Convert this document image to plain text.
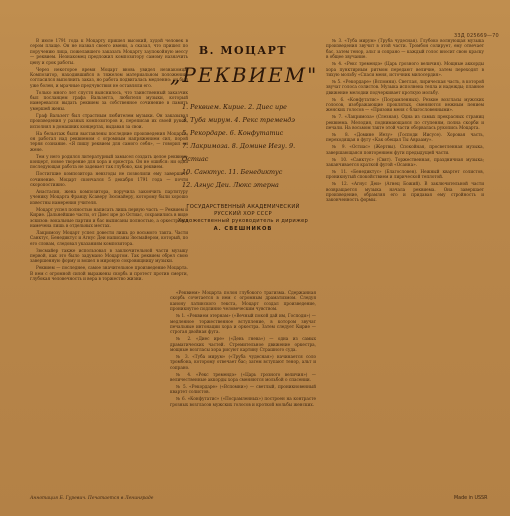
33Д 025669—70

В июле 1791 года к Моцарту пришел высокий, худой человек в сером плаще. Он не назвал своего имени, а сказал, что пришел по поручению лица, пожелавшего заказать Моцарту заупокойную мессу — реквием. Незнакомец предложил композитору самому назначить цену и срок работы.

Через некоторое время Моцарт вновь увидел незнакомца. Композитор, находившийся в тяжелом материальном положении, согласился выполнить заказ, но работа подвигалась медленно: он был уже болен, и мрачные предчувствия не оставляли его.

Только много лет спустя выяснилось, что таинственный заказчик был посланцем графа Вальзегга, любителя музыки, который намеревался выдать реквием за собственное сочинение в память умершей жены.

Граф Вальзегг был страстным любителем музыки. Он заказывал произведения у разных композиторов и, переписав их своей рукой, исполнял в домашних концертах, выдавая за свои.

На бельэтаж были выставлены последние произведения Моцарта; он работал над реквиемом с огромным напряжением сил, порой теряя сознание. «Я пишу реквием для самого себя», — говорил он жене.

Тем у него родился литературный замысел создать целое реквием-концерт, новое творение для хора и оркестра. Он не ошибся: ни одна последующая работа не задевает так глубоко, как реквием.

Постигшие композитора невзгоды не позволили ему завершить сочинение. Моцарт скончался 5 декабря 1791 года — почти скоропостижно.

Анастасия, жена композитора, поручила закончить партитуру ученику Моцарта Францу Ксаверу Зюсмайеру, которому были хорошо известны намерения учителя.

Моцарт успел полностью написать лишь первую часть — Реквием и Кирие. Дальнейшие части, от Диес ире до Остиас, сохранились в виде эскизов: вокальные партии и бас выписаны полностью, а оркестровка намечена лишь в отдельных местах.

Лакримозу Моцарт успел довести лишь до восьмого такта. Части Санктус, Бенедиктус и Агнус Деи написаны Зюсмайером, который, по его словам, следовал указаниям композитора.

Зюсмайер также использовал в заключительной части музыку первой, как это было задумано Моцартом. Так реквием обрел свою завершенную форму и вошел в мировую сокровищницу музыки.

Реквием — последнее, самое значительное произведение Моцарта. В нем с огромной силой выражены скорбь и протест против смерти, глубокая человечность и вера в торжество жизни.

В. МОЦАРТ
„РЕКВИЕМ"
1. Реквием. Кирие. 2. Диес ире
3. Туба мирум. 4. Рекс тремендэ
5. Рекордаре. 6. Конфутатис
7. Лакримоза. 8. Домине Иезу. 9. Остиас
10. Санктус. 11. Бенедиктус
12. Агнус Деи. Люкс этерна
ГОСУДАРСТВЕННЫЙ АКАДЕМИЧЕСКИЙ
РУССКИЙ ХОР СССР
Художественный руководитель и дирижер
А. СВЕШНИКОВ

«Реквием» Моцарта полон глубокого трагизма. Сдержанная скорбь сочетается в нем с огромным драматизмом. Следуя канону латинского текста, Моцарт создал произведение, проникнутое подлинно человеческим чувством.

№ 1. «Реквием этернам» («Вечный покой дай им, Господи») — медленное торжественное вступление, в котором звучат печальные интонации хора и оркестра. Затем следует Кирие — строгая двойная фуга.

№ 2. «Диес ире» («День гнева») — одна из самых драматических частей. Стремительное движение оркестра, мощные возгласы хора рисуют картину Страшного суда.

№ 3. «Туба мирум» («Труба чудесная») начинается соло тромбона, которому отвечает бас; затем вступают тенор, альт и сопрано.

№ 4. «Рекс тремендэ» («Царь грозного величия») — величественные аккорды хора сменяются мольбой о спасении.

№ 5. «Рекордаре» («Вспомни») — светлый, проникновенный квартет солистов.

№ 6. «Конфутатис» («Посрамленных») построен на контрасте грозных возгласов мужских голосов и кроткой мольбы женских.

№ 3. «Туба мирум» (Труба чудесная). Глубоко волнующая музыка произведения звучит в этой части. Тромбон солирует, ему отвечает бас, затем тенор, альт и сопрано — каждый голос вносит свою краску в общее звучание.

№ 4. «Рекс тремендэ» (Царь грозного величия). Мощные аккорды хора пунктирным ритмом передают величие, затем переходят в тихую мольбу «Спаси меня, источник милосердия».

№ 5. «Рекордаре» (Вспомни). Светлая, лирическая часть, в которой звучат голоса солистов. Музыка исполнена тепла и надежды; плавное движение мелодии подчеркивает кроткую мольбу.

№ 6. «Конфутатис» (Посрамленных). Резкие возгласы мужских голосов, изображающие проклятых, сменяются нежным пением женских голосов — «Призови меня с благословенными».

№ 7. «Лакримоза» (Слезная). Одна из самых прекрасных страниц реквиема. Мелодия, поднимающаяся по ступеням, полна скорби и печали. На восьмом такте этой части оборвалась рукопись Моцарта.

№ 8. «Домине Иезу» (Господи Иисусе). Хоровая часть, переходящая в фугу «Как обещал Ты Аврааму».

№ 9. «Остиас» (Жертвы). Спокойная, просветленная музыка, завершающаяся повторением фуги предыдущей части.

№ 10. «Санктус» (Свят). Торжественная, праздничная музыка; заканчивается краткой фугой «Осанна».

№ 11. «Бенедиктус» (Благословен). Нежный квартет солистов, проникнутый спокойствием и лирической теплотой.

№ 12. «Агнус Деи» (Агнец Божий). В заключительной части возвращается музыка начала реквиема. Она завершает произведение, обрамляя его и придавая ему стройность и законченность формы.

Аннотация Б. Гуревич. Печатается в Ленинграде	Made in USSR
